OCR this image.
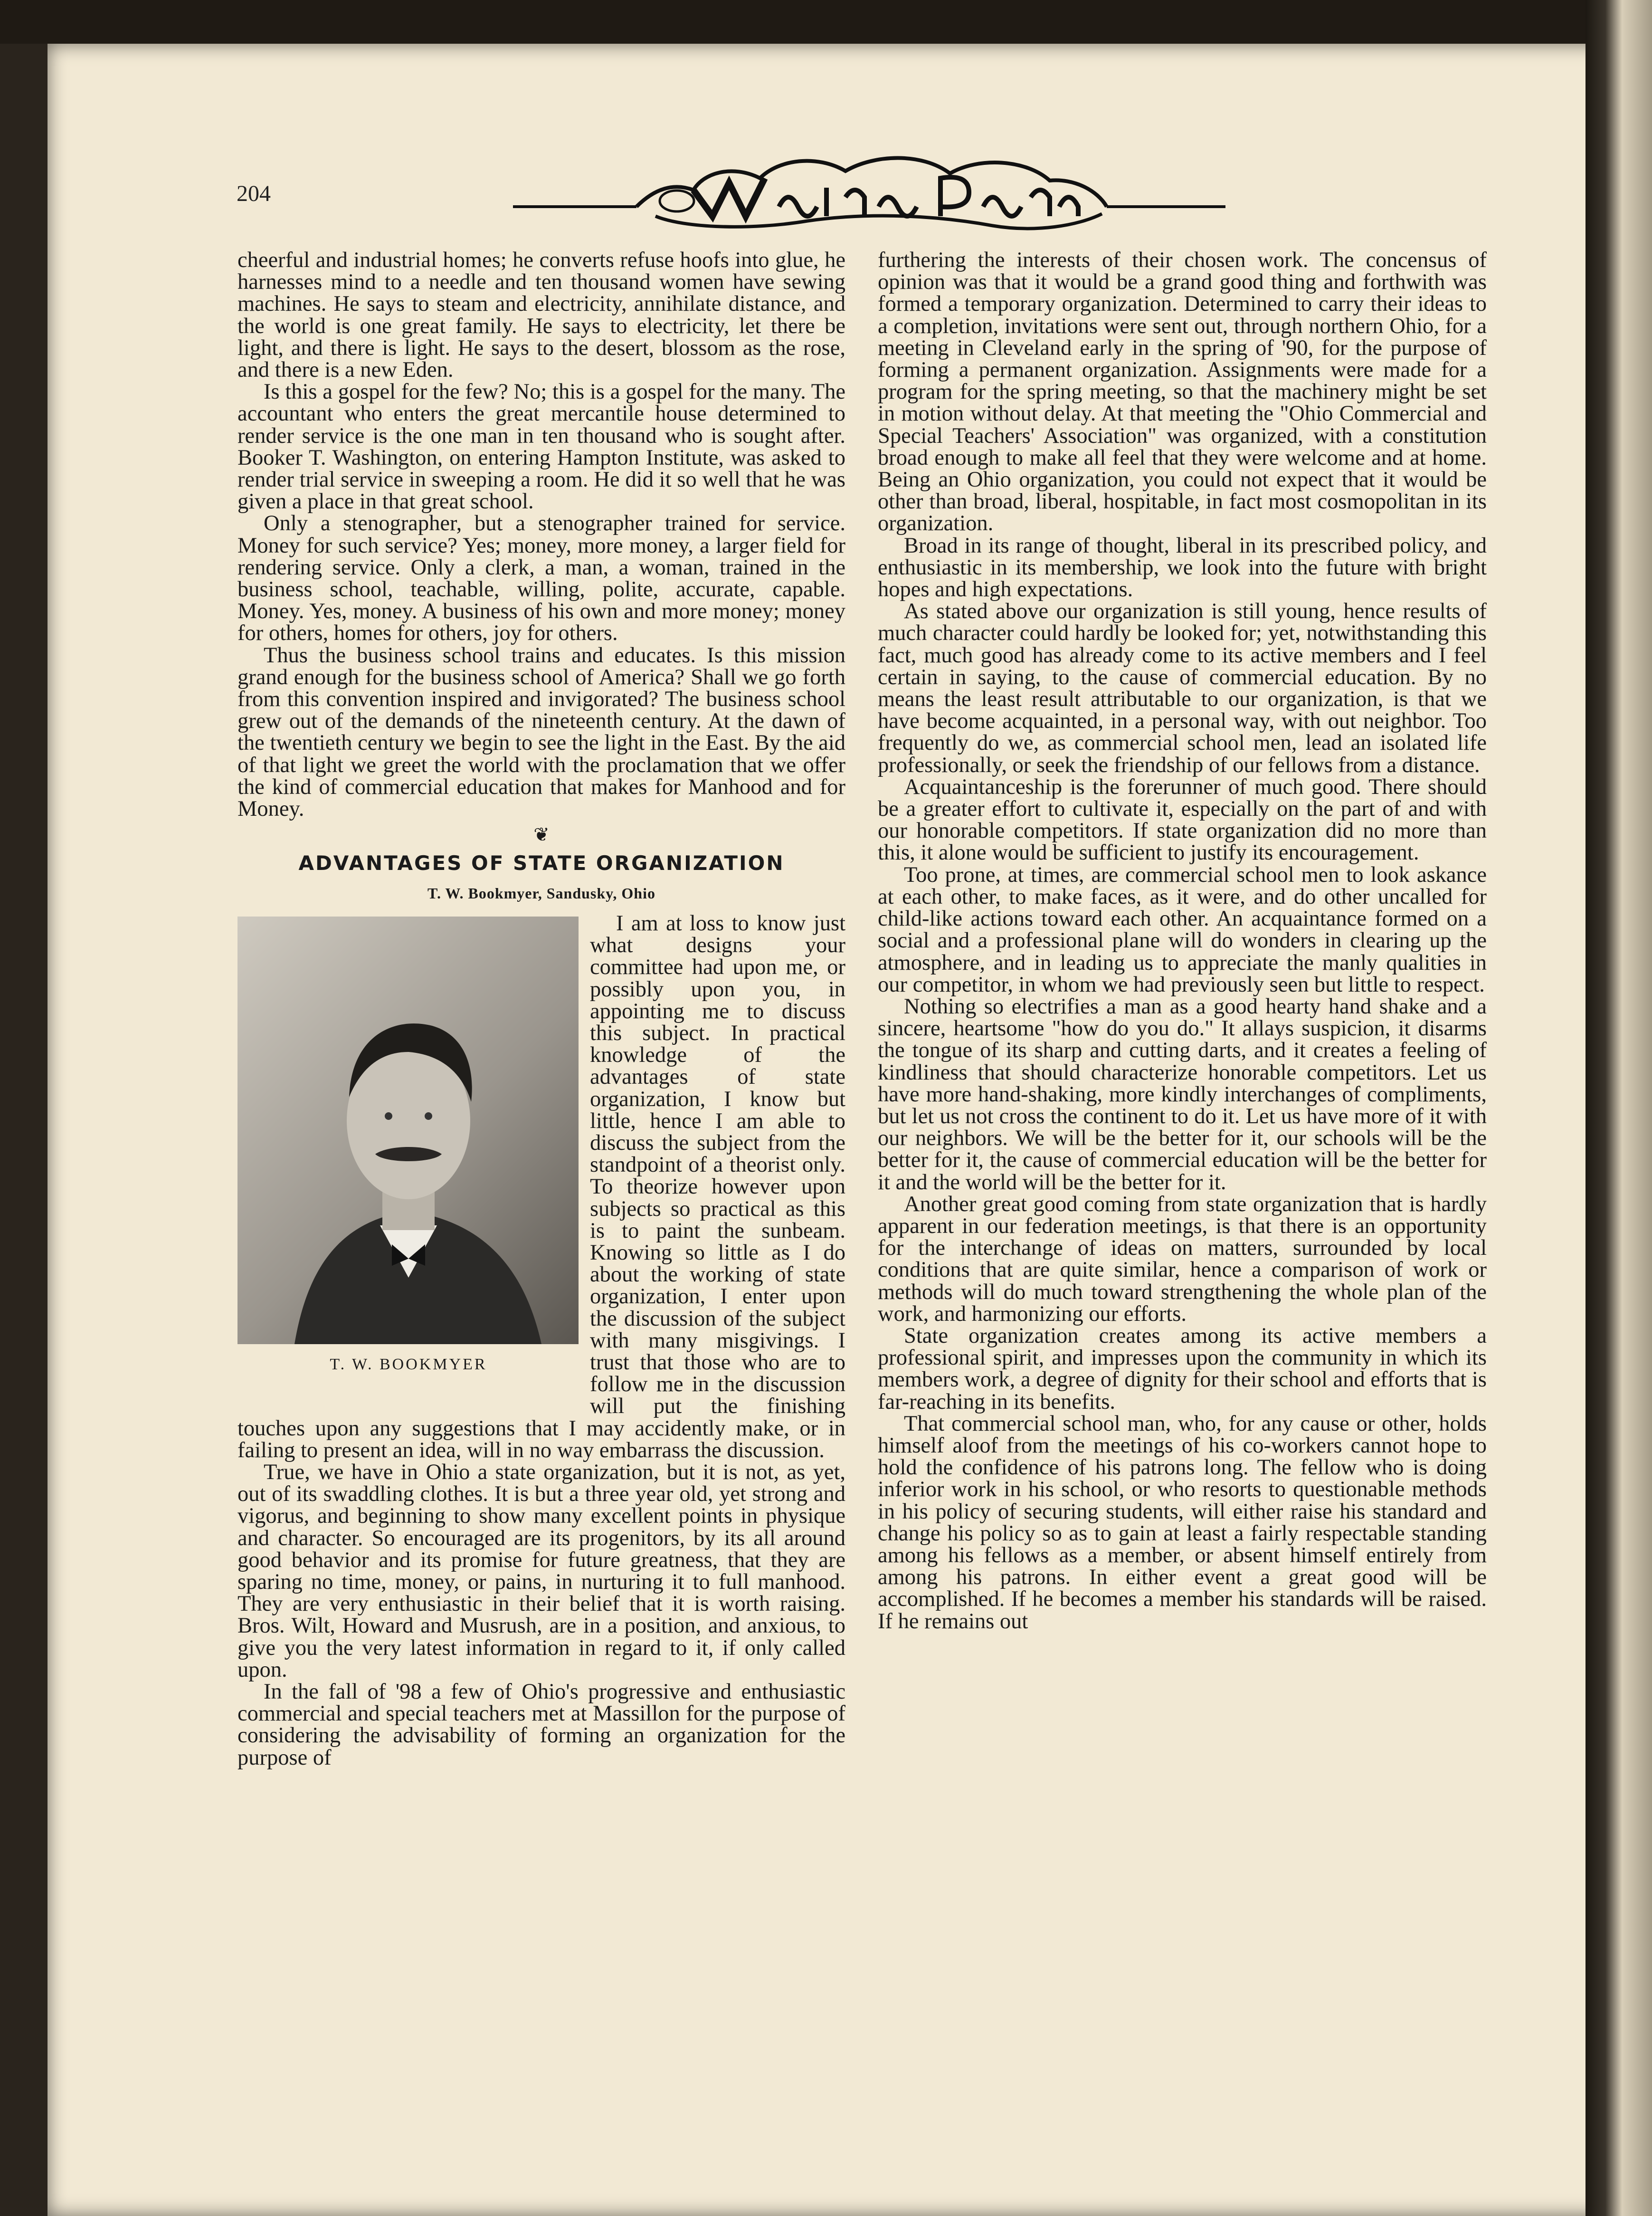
204

cheerful and industrial homes; he converts refuse hoofs into glue, he harnesses mind to a needle and ten thousand women have sewing machines. He says to steam and electricity, annihilate distance, and the world is one great family. He says to electricity, let there be light, and there is light. He says to the desert, blossom as the rose, and there is a new Eden.

Is this a gospel for the few? No; this is a gospel for the many. The accountant who enters the great mercantile house determined to render service is the one man in ten thousand who is sought after. Booker T. Washington, on entering Hampton Institute, was asked to render trial service in sweeping a room. He did it so well that he was given a place in that great school.

Only a stenographer, but a stenographer trained for service. Money for such service? Yes; money, more money, a larger field for rendering service. Only a clerk, a man, a woman, trained in the business school, teachable, willing, polite, accurate, capable. Money. Yes, money. A business of his own and more money; money for others, homes for others, joy for others.

Thus the business school trains and educates. Is this mission grand enough for the business school of America? Shall we go forth from this convention inspired and invigorated? The business school grew out of the demands of the nineteenth century. At the dawn of the twentieth century we begin to see the light in the East. By the aid of that light we greet the world with the proclamation that we offer the kind of commercial education that makes for Manhood and for Money.

❦
ADVANTAGES OF STATE ORGANIZATION
T. W. Bookmyer, Sandusky, Ohio
T. W. BOOKMYER

I am at loss to know just what designs your committee had upon me, or possibly upon you, in appointing me to discuss this subject. In practical knowledge of the advantages of state organization, I know but little, hence I am able to discuss the subject from the standpoint of a theorist only. To theorize however upon subjects so practical as this is to paint the sunbeam. Knowing so little as I do about the working of state organization, I enter upon the discussion of the subject with many misgivings. I trust that those who are to follow me in the discussion will put the finishing touches upon any suggestions that I may accidently make, or in failing to present an idea, will in no way embarrass the discussion.

True, we have in Ohio a state organization, but it is not, as yet, out of its swaddling clothes. It is but a three year old, yet strong and vigorus, and beginning to show many excellent points in physique and character. So encouraged are its progenitors, by its all around good behavior and its promise for future greatness, that they are sparing no time, money, or pains, in nurturing it to full manhood. They are very enthusiastic in their belief that it is worth raising. Bros. Wilt, Howard and Musrush, are in a position, and anxious, to give you the very latest information in regard to it, if only called upon.

In the fall of '98 a few of Ohio's progressive and enthusiastic commercial and special teachers met at Massillon for the purpose of considering the advisability of forming an organization for the purpose of

furthering the interests of their chosen work. The concensus of opinion was that it would be a grand good thing and forthwith was formed a temporary organization. Determined to carry their ideas to a completion, invitations were sent out, through northern Ohio, for a meeting in Cleveland early in the spring of '90, for the purpose of forming a permanent organization. Assignments were made for a program for the spring meeting, so that the machinery might be set in motion without delay. At that meeting the "Ohio Commercial and Special Teachers' Association" was organized, with a constitution broad enough to make all feel that they were welcome and at home. Being an Ohio organization, you could not expect that it would be other than broad, liberal, hospitable, in fact most cosmopolitan in its organization.

Broad in its range of thought, liberal in its prescribed policy, and enthusiastic in its membership, we look into the future with bright hopes and high expectations.

As stated above our organization is still young, hence results of much character could hardly be looked for; yet, notwithstanding this fact, much good has already come to its active members and I feel certain in saying, to the cause of commercial education. By no means the least result attributable to our organization, is that we have become acquainted, in a personal way, with out neighbor. Too frequently do we, as commercial school men, lead an isolated life professionally, or seek the friendship of our fellows from a distance.

Acquaintanceship is the forerunner of much good. There should be a greater effort to cultivate it, especially on the part of and with our honorable competitors. If state organization did no more than this, it alone would be sufficient to justify its encouragement.

Too prone, at times, are commercial school men to look askance at each other, to make faces, as it were, and do other uncalled for child-like actions toward each other. An acquaintance formed on a social and a professional plane will do wonders in clearing up the atmosphere, and in leading us to appreciate the manly qualities in our competitor, in whom we had previously seen but little to respect.

Nothing so electrifies a man as a good hearty hand shake and a sincere, heartsome "how do you do." It allays suspicion, it disarms the tongue of its sharp and cutting darts, and it creates a feeling of kindliness that should characterize honorable competitors. Let us have more hand-shaking, more kindly interchanges of compliments, but let us not cross the continent to do it. Let us have more of it with our neighbors. We will be the better for it, our schools will be the better for it, the cause of commercial education will be the better for it and the world will be the better for it.

Another great good coming from state organization that is hardly apparent in our federation meetings, is that there is an opportunity for the interchange of ideas on matters, surrounded by local conditions that are quite similar, hence a comparison of work or methods will do much toward strengthening the whole plan of the work, and harmonizing our efforts.

State organization creates among its active members a professional spirit, and impresses upon the community in which its members work, a degree of dignity for their school and efforts that is far-reaching in its benefits.

That commercial school man, who, for any cause or other, holds himself aloof from the meetings of his co-workers cannot hope to hold the confidence of his patrons long. The fellow who is doing inferior work in his school, or who resorts to questionable methods in his policy of securing students, will either raise his standard and change his policy so as to gain at least a fairly respectable standing among his fellows as a member, or absent himself entirely from among his patrons. In either event a great good will be accomplished. If he becomes a member his standards will be raised. If he remains out
